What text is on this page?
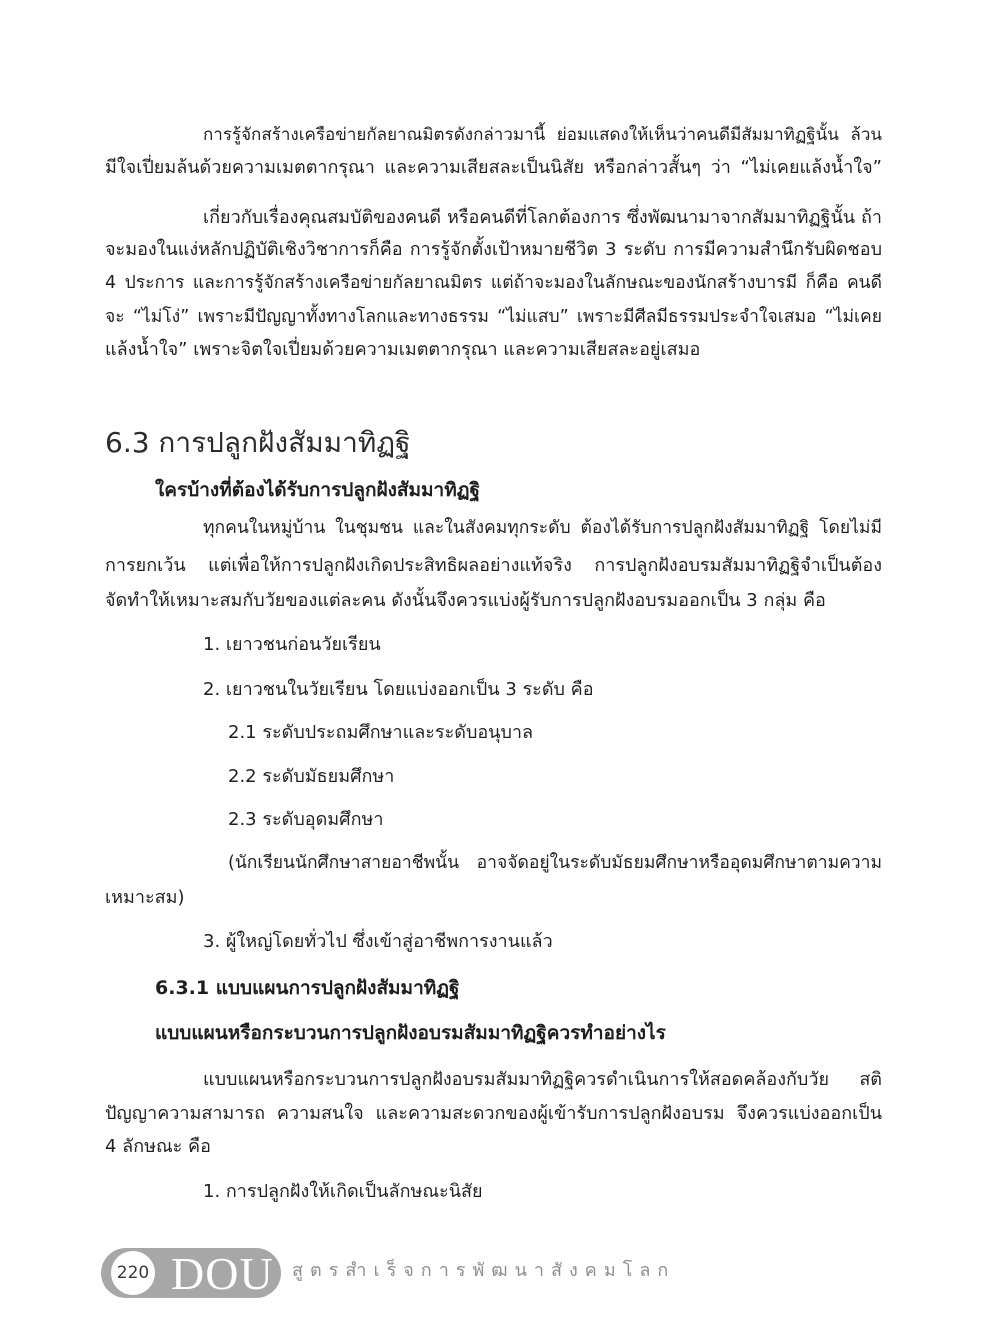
การรู้จักสร้างเครือข่ายกัลยาณมิตรดังกล่าวมานี้ ย่อมแสดงให้เห็นว่าคนดีมีสัมมาทิฏฐินั้น ล้วน
มีใจเปี่ยมล้นด้วยความเมตตากรุณา และความเสียสละเป็นนิสัย หรือกล่าวสั้นๆ ว่า “ไม่เคยแล้งน้ำใจ”
เกี่ยวกับเรื่องคุณสมบัติของคนดี หรือคนดีที่โลกต้องการ ซึ่งพัฒนามาจากสัมมาทิฏฐินั้น ถ้า
จะมองในแง่หลักปฏิบัติเชิงวิชาการก็คือ การรู้จักตั้งเป้าหมายชีวิต 3 ระดับ การมีความสำนึกรับผิดชอบ
4 ประการ และการรู้จักสร้างเครือข่ายกัลยาณมิตร แต่ถ้าจะมองในลักษณะของนักสร้างบารมี ก็คือ คนดี
จะ “ไม่โง่” เพราะมีปัญญาทั้งทางโลกและทางธรรม “ไม่แสบ” เพราะมีศีลมีธรรมประจำใจเสมอ “ไม่เคย
แล้งน้ำใจ” เพราะจิตใจเปี่ยมด้วยความเมตตากรุณา และความเสียสละอยู่เสมอ
6.3 การปลูกฝังสัมมาทิฏฐิ
ใครบ้างที่ต้องได้รับการปลูกฝังสัมมาทิฏฐิ
ทุกคนในหมู่บ้าน ในชุมชน และในสังคมทุกระดับ ต้องได้รับการปลูกฝังสัมมาทิฏฐิ โดยไม่มี
การยกเว้น แต่เพื่อให้การปลูกฝังเกิดประสิทธิผลอย่างแท้จริง การปลูกฝังอบรมสัมมาทิฏฐิจำเป็นต้อง
จัดทำให้เหมาะสมกับวัยของแต่ละคน ดังนั้นจึงควรแบ่งผู้รับการปลูกฝังอบรมออกเป็น 3 กลุ่ม คือ
1. เยาวชนก่อนวัยเรียน
2. เยาวชนในวัยเรียน โดยแบ่งออกเป็น 3 ระดับ คือ
2.1 ระดับประถมศึกษาและระดับอนุบาล
2.2 ระดับมัธยมศึกษา
2.3 ระดับอุดมศึกษา
(นักเรียนนักศึกษาสายอาชีพนั้น อาจจัดอยู่ในระดับมัธยมศึกษาหรืออุดมศึกษาตามความ
เหมาะสม)
3. ผู้ใหญ่โดยทั่วไป ซึ่งเข้าสู่อาชีพการงานแล้ว
6.3.1 แบบแผนการปลูกฝังสัมมาทิฏฐิ
แบบแผนหรือกระบวนการปลูกฝังอบรมสัมมาทิฏฐิควรทำอย่างไร
แบบแผนหรือกระบวนการปลูกฝังอบรมสัมมาทิฏฐิควรดำเนินการให้สอดคล้องกับวัย สติ
ปัญญาความสามารถ ความสนใจ และความสะดวกของผู้เข้ารับการปลูกฝังอบรม จึงควรแบ่งออกเป็น
4 ลักษณะ คือ
1. การปลูกฝังให้เกิดเป็นลักษณะนิสัย
220 DOU สูตรสำเร็จการพัฒนาสังคมโลก
